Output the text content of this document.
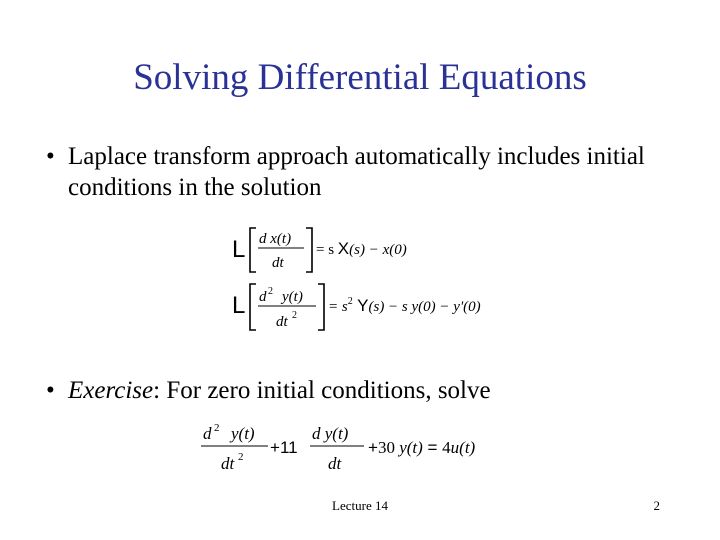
Solving Differential Equations
• Laplace transform approach automatically includes initial conditions in the solution
• Exercise: For zero initial conditions, solve
L d x(t)
dt
= s X(s) − x(0)
L d 2 y(t)
dt 2
= $s^2$ Y(s) − s y(0) − y'(0)
d 2 y(t)
dt 2 +11
d y(t)
dt
+30 y(t) = 4u(t)
Lecture 14	2
